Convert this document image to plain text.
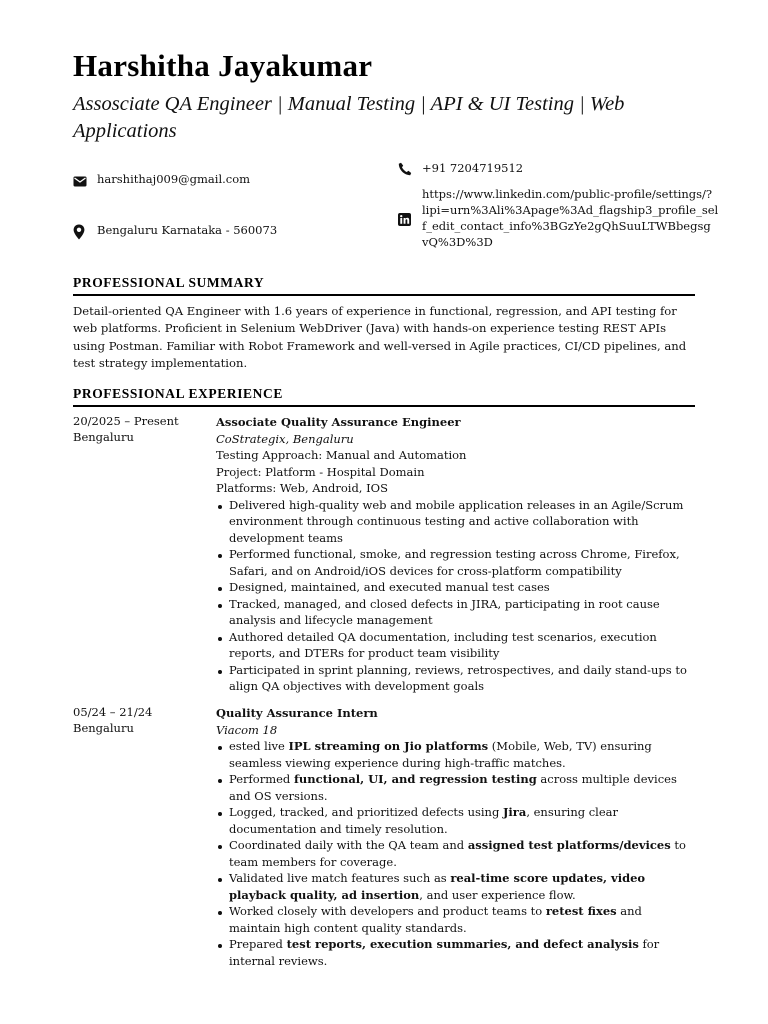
Harshitha Jayakumar
Assosciate QA Engineer | Manual Testing | API & UI Testing | Web Applications
harshithaj009@gmail.com
Bengaluru Karnataka - 560073
+91 7204719512
https://www.linkedin.com/public-profile/settings/?
lipi=urn%3Ali%3Apage%3Ad_flagship3_profile_sel
f_edit_contact_info%3BGzYe2gQhSuuLTWBbegsg
vQ%3D%3D
PROFESSIONAL SUMMARY

Detail-oriented QA Engineer with 1.6 years of experience in functional, regression, and API testing for web platforms. Proficient in Selenium WebDriver (Java) with hands-on experience testing REST APIs using Postman. Familiar with Robot Framework and well-versed in Agile practices, CI/CD pipelines, and test strategy implementation.

PROFESSIONAL EXPERIENCE
20/2025 – Present
Bengaluru
Associate Quality Assurance Engineer
CoStrategix, Bengaluru
Testing Approach: Manual and Automation
Project: Platform - Hospital Domain
Platforms: Web, Android, IOS
Delivered high-quality web and mobile application releases in an Agile/Scrum environment through continuous testing and active collaboration with development teams
Performed functional, smoke, and regression testing across Chrome, Firefox, Safari, and on Android/iOS devices for cross-platform compatibility
Designed, maintained, and executed manual test cases
Tracked, managed, and closed defects in JIRA, participating in root cause analysis and lifecycle management
Authored detailed QA documentation, including test scenarios, execution reports, and DTERs for product team visibility
Participated in sprint planning, reviews, retrospectives, and daily stand-ups to align QA objectives with development goals
05/24 – 21/24
Bengaluru
Quality Assurance Intern
Viacom 18
ested live IPL streaming on Jio platforms (Mobile, Web, TV) ensuring seamless viewing experience during high-traffic matches.
Performed functional, UI, and regression testing across multiple devices and OS versions.
Logged, tracked, and prioritized defects using Jira, ensuring clear documentation and timely resolution.
Coordinated daily with the QA team and assigned test platforms/devices to team members for coverage.
Validated live match features such as real-time score updates, video playback quality, ad insertion, and user experience flow.
Worked closely with developers and product teams to retest fixes and maintain high content quality standards.
Prepared test reports, execution summaries, and defect analysis for internal reviews.
